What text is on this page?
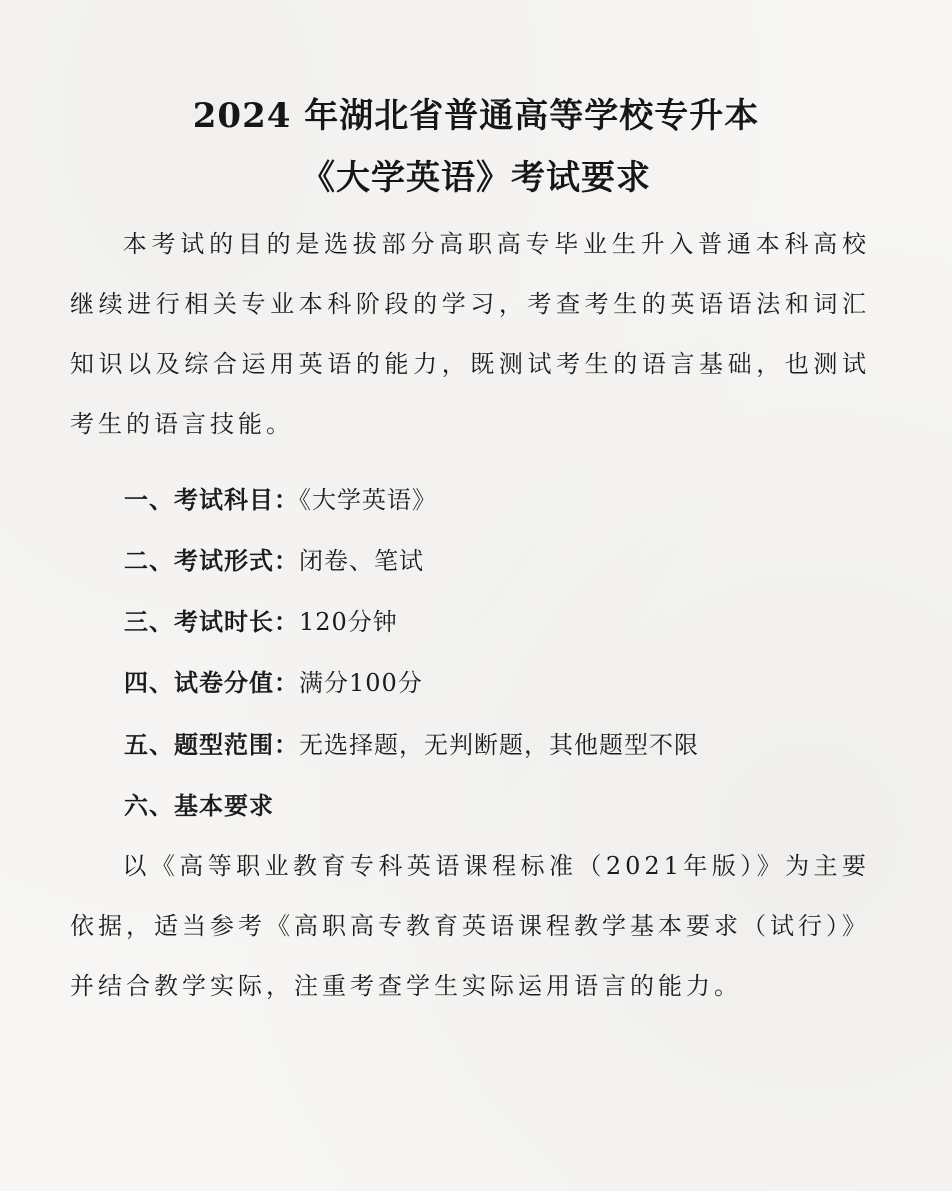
2024 年湖北省普通高等学校专升本
《大学英语》考试要求

本考试的目的是选拔部分高职高专毕业生升入普通本科高校继续进行相关专业本科阶段的学习，考查考生的英语语法和词汇知识以及综合运用英语的能力，既测试考生的语言基础，也测试考生的语言技能。

一、考试科目：《大学英语》

二、考试形式：闭卷、笔试

三、考试时长：120分钟

四、试卷分值：满分100分

五、题型范围：无选择题，无判断题，其他题型不限

六、基本要求

以《高等职业教育专科英语课程标准（2021年版）》为主要依据，适当参考《高职高专教育英语课程教学基本要求（试行）》并结合教学实际，注重考查学生实际运用语言的能力。
